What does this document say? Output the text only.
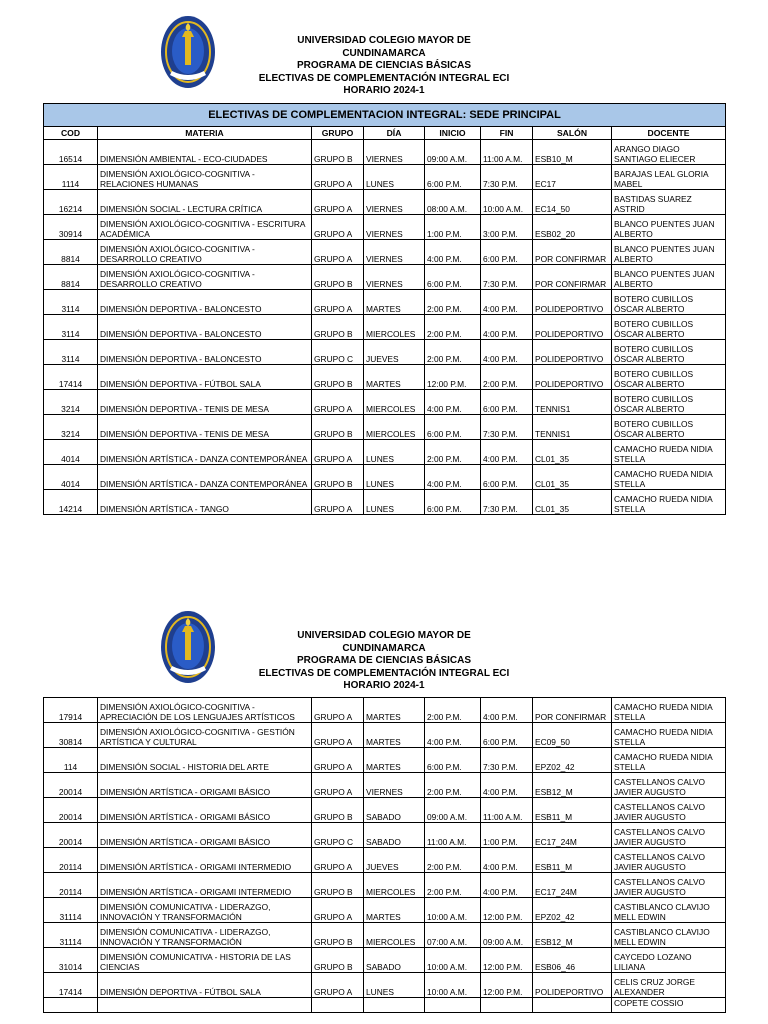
UNIVERSIDAD COLEGIO MAYOR DE
CUNDINAMARCA
PROGRAMA DE CIENCIAS BÁSICAS
ELECTIVAS DE COMPLEMENTACIÓN INTEGRAL ECI
HORARIO 2024-1
ELECTIVAS DE COMPLEMENTACION INTEGRAL: SEDE PRINCIPAL							
COD	MATERIA	GRUPO	DÍA	INICIO	FIN	SALÓN	DOCENTE
16514	DIMENSIÓN AMBIENTAL - ECO-CIUDADES	GRUPO B	VIERNES	09:00 A.M.	11:00 A.M.	ESB10_M	ARANGO DIAGO SANTIAGO ELIECER
1114	DIMENSIÓN AXIOLÓGICO-COGNITIVA - RELACIONES HUMANAS	GRUPO A	LUNES	6:00 P.M.	7:30 P.M.	EC17	BARAJAS LEAL GLORIA MABEL
16214	DIMENSIÓN SOCIAL - LECTURA CRÍTICA	GRUPO A	VIERNES	08:00 A.M.	10:00 A.M.	EC14_50	BASTIDAS SUAREZ ASTRID
30914	DIMENSIÓN AXIOLÓGICO-COGNITIVA - ESCRITURA ACADÉMICA	GRUPO A	VIERNES	1:00 P.M.	3:00 P.M.	ESB02_20	BLANCO PUENTES JUAN ALBERTO
8814	DIMENSIÓN AXIOLÓGICO-COGNITIVA - DESARROLLO CREATIVO	GRUPO A	VIERNES	4:00 P.M.	6:00 P.M.	POR CONFIRMAR	BLANCO PUENTES JUAN ALBERTO
8814	DIMENSIÓN AXIOLÓGICO-COGNITIVA - DESARROLLO CREATIVO	GRUPO B	VIERNES	6:00 P.M.	7:30 P.M.	POR CONFIRMAR	BLANCO PUENTES JUAN ALBERTO
3114	DIMENSIÓN DEPORTIVA - BALONCESTO	GRUPO A	MARTES	2:00 P.M.	4:00 P.M.	POLIDEPORTIVO	BOTERO CUBILLOS ÓSCAR ALBERTO
3114	DIMENSIÓN DEPORTIVA - BALONCESTO	GRUPO B	MIERCOLES	2:00 P.M.	4:00 P.M.	POLIDEPORTIVO	BOTERO CUBILLOS ÓSCAR ALBERTO
3114	DIMENSIÓN DEPORTIVA - BALONCESTO	GRUPO C	JUEVES	2:00 P.M.	4:00 P.M.	POLIDEPORTIVO	BOTERO CUBILLOS ÓSCAR ALBERTO
17414	DIMENSIÓN DEPORTIVA - FÚTBOL SALA	GRUPO B	MARTES	12:00 P.M.	2:00 P.M.	POLIDEPORTIVO	BOTERO CUBILLOS ÓSCAR ALBERTO
3214	DIMENSIÓN DEPORTIVA - TENIS DE MESA	GRUPO A	MIERCOLES	4:00 P.M.	6:00 P.M.	TENNIS1	BOTERO CUBILLOS ÓSCAR ALBERTO
3214	DIMENSIÓN DEPORTIVA - TENIS DE MESA	GRUPO B	MIERCOLES	6:00 P.M.	7:30 P.M.	TENNIS1	BOTERO CUBILLOS ÓSCAR ALBERTO
4014	DIMENSIÓN ARTÍSTICA - DANZA CONTEMPORÁNEA	GRUPO A	LUNES	2:00 P.M.	4:00 P.M.	CL01_35	CAMACHO RUEDA NIDIA STELLA
4014	DIMENSIÓN ARTÍSTICA - DANZA CONTEMPORÁNEA	GRUPO B	LUNES	4:00 P.M.	6:00 P.M.	CL01_35	CAMACHO RUEDA NIDIA STELLA
14214	DIMENSIÓN ARTÍSTICA - TANGO	GRUPO A	LUNES	6:00 P.M.	7:30 P.M.	CL01_35	CAMACHO RUEDA NIDIA STELLA
UNIVERSIDAD COLEGIO MAYOR DE
CUNDINAMARCA
PROGRAMA DE CIENCIAS BÁSICAS
ELECTIVAS DE COMPLEMENTACIÓN INTEGRAL ECI
HORARIO 2024-1
17914	DIMENSIÓN AXIOLÓGICO-COGNITIVA - APRECIACIÓN DE LOS LENGUAJES ARTÍSTICOS	GRUPO A	MARTES	2:00 P.M.	4:00 P.M.	POR CONFIRMAR	CAMACHO RUEDA NIDIA STELLA
30814	DIMENSIÓN AXIOLÓGICO-COGNITIVA - GESTIÓN ARTÍSTICA Y CULTURAL	GRUPO A	MARTES	4:00 P.M.	6:00 P.M.	EC09_50	CAMACHO RUEDA NIDIA STELLA
114	DIMENSIÓN SOCIAL - HISTORIA DEL ARTE	GRUPO A	MARTES	6:00 P.M.	7:30 P.M.	EPZ02_42	CAMACHO RUEDA NIDIA STELLA
20014	DIMENSIÓN ARTÍSTICA - ORIGAMI BÁSICO	GRUPO A	VIERNES	2:00 P.M.	4:00 P.M.	ESB12_M	CASTELLANOS CALVO JAVIER AUGUSTO
20014	DIMENSIÓN ARTÍSTICA - ORIGAMI BÁSICO	GRUPO B	SABADO	09:00 A.M.	11:00 A.M.	ESB11_M	CASTELLANOS CALVO JAVIER AUGUSTO
20014	DIMENSIÓN ARTÍSTICA - ORIGAMI BÁSICO	GRUPO C	SABADO	11:00 A.M.	1:00 P.M.	EC17_24M	CASTELLANOS CALVO JAVIER AUGUSTO
20114	DIMENSIÓN ARTÍSTICA - ORIGAMI INTERMEDIO	GRUPO A	JUEVES	2:00 P.M.	4:00 P.M.	ESB11_M	CASTELLANOS CALVO JAVIER AUGUSTO
20114	DIMENSIÓN ARTÍSTICA - ORIGAMI INTERMEDIO	GRUPO B	MIERCOLES	2:00 P.M.	4:00 P.M.	EC17_24M	CASTELLANOS CALVO JAVIER AUGUSTO
31114	DIMENSIÓN COMUNICATIVA - LIDERAZGO, INNOVACIÓN Y TRANSFORMACIÓN	GRUPO A	MARTES	10:00 A.M.	12:00 P.M.	EPZ02_42	CASTIBLANCO CLAVIJO MELL EDWIN
31114	DIMENSIÓN COMUNICATIVA - LIDERAZGO, INNOVACIÓN Y TRANSFORMACIÓN	GRUPO B	MIERCOLES	07:00 A.M.	09:00 A.M.	ESB12_M	CASTIBLANCO CLAVIJO MELL EDWIN
31014	DIMENSIÓN COMUNICATIVA - HISTORIA DE LAS CIENCIAS	GRUPO B	SABADO	10:00 A.M.	12:00 P.M.	ESB06_46	CAYCEDO LOZANO LILIANA
17414	DIMENSIÓN DEPORTIVA - FÚTBOL SALA	GRUPO A	LUNES	10:00 A.M.	12:00 P.M.	POLIDEPORTIVO	CELIS CRUZ JORGE ALEXANDER
							COPETE COSSIO
